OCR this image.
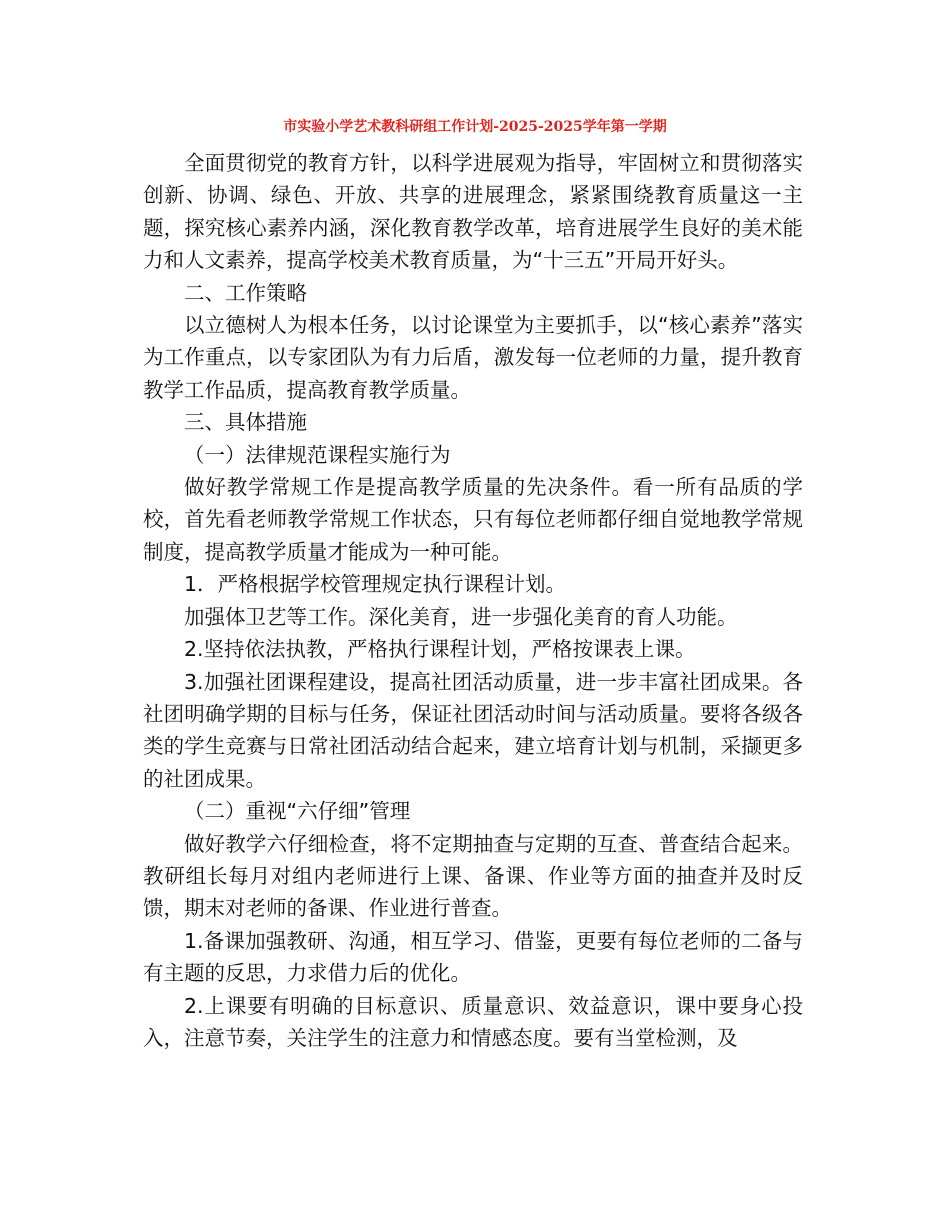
市实验小学艺术教科研组工作计划-2025-2025学年第一学期

全面贯彻党的教育方针，以科学进展观为指导，牢固树立和贯彻落实创新、协调、绿色、开放、共享的进展理念，紧紧围绕教育质量这一主题，探究核心素养内涵，深化教育教学改革，培育进展学生良好的美术能力和人文素养，提高学校美术教育质量，为“十三五”开局开好头。

二、工作策略

以立德树人为根本任务，以讨论课堂为主要抓手，以“核心素养”落实为工作重点，以专家团队为有力后盾，激发每一位老师的力量，提升教育教学工作品质，提高教育教学质量。

三、具体措施

（一）法律规范课程实施行为

做好教学常规工作是提高教学质量的先决条件。看一所有品质的学校，首先看老师教学常规工作状态，只有每位老师都仔细自觉地教学常规制度，提高教学质量才能成为一种可能。

1．严格根据学校管理规定执行课程计划。

加强体卫艺等工作。深化美育，进一步强化美育的育人功能。

2.坚持依法执教，严格执行课程计划，严格按课表上课。

3.加强社团课程建设，提高社团活动质量，进一步丰富社团成果。各社团明确学期的目标与任务，保证社团活动时间与活动质量。要将各级各类的学生竞赛与日常社团活动结合起来，建立培育计划与机制，采撷更多的社团成果。

（二）重视“六仔细”管理

做好教学六仔细检查，将不定期抽查与定期的互查、普查结合起来。教研组长每月对组内老师进行上课、备课、作业等方面的抽查并及时反馈，期末对老师的备课、作业进行普查。

1.备课加强教研、沟通，相互学习、借鉴，更要有每位老师的二备与有主题的反思，力求借力后的优化。

2.上课要有明确的目标意识、质量意识、效益意识，课中要身心投入，注意节奏，关注学生的注意力和情感态度。要有当堂检测，及
